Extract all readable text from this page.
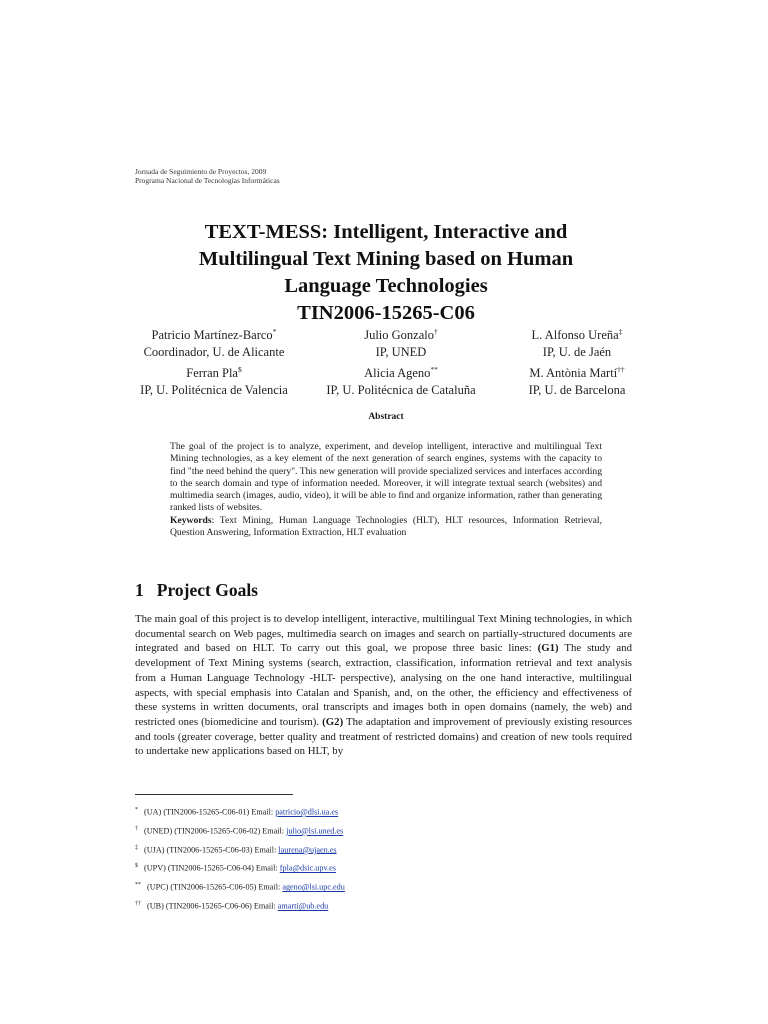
Jornada de Seguimiento de Proyectos, 2009
Programa Nacional de Tecnologías Informáticas
TEXT-MESS: Intelligent, Interactive and
Multilingual Text Mining based on Human
Language Technologies
TIN2006-15265-C06
Patricio Martínez-Barco*	Julio Gonzalo†	L. Alfonso Ureña‡
Coordinador, U. de Alicante	IP, UNED	IP, U. de Jaén
Ferran Pla$	Alicia Ageno**	M. Antònia Martí††
IP, U. Politécnica de Valencia	IP, U. Politécnica de Cataluña	IP, U. de Barcelona
Abstract

The goal of the project is to analyze, experiment, and develop intelligent, interactive and multilingual Text Mining technologies, as a key element of the next generation of search engines, systems with the capacity to find "the need behind the query". This new generation will provide specialized services and interfaces according to the search domain and type of information needed. Moreover, it will integrate textual search (websites) and multimedia search (images, audio, video), it will be able to find and organize information, rather than generating ranked lists of websites.

Keywords: Text Mining, Human Language Technologies (HLT), HLT resources, Information Retrieval, Question Answering, Information Extraction, HLT evaluation

1 Project Goals

The main goal of this project is to develop intelligent, interactive, multilingual Text Mining technologies, in which documental search on Web pages, multimedia search on images and search on partially-structured documents are integrated and based on HLT. To carry out this goal, we propose three basic lines: (G1) The study and development of Text Mining systems (search, extraction, classification, information retrieval and text analysis from a Human Language Technology -HLT- perspective), analysing on the one hand interactive, multilingual aspects, with special emphasis into Catalan and Spanish, and, on the other, the efficiency and effectiveness of these systems in written documents, oral transcripts and images both in open domains (namely, the web) and restricted ones (biomedicine and tourism). (G2) The adaptation and improvement of previously existing resources and tools (greater coverage, better quality and treatment of restricted domains) and creation of new tools required to undertake new applications based on HLT, by

* (UA) (TIN2006-15265-C06-01) Email: patricio@dlsi.ua.es
† (UNED) (TIN2006-15265-C06-02) Email: julio@lsi.uned.es
‡ (UJA) (TIN2006-15265-C06-03) Email: laurena@ujaen.es
$ (UPV) (TIN2006-15265-C06-04) Email: fpla@dsic.upv.es
** (UPC) (TIN2006-15265-C06-05) Email: ageno@lsi.upc.edu
†† (UB) (TIN2006-15265-C06-06) Email: amarti@ub.edu
